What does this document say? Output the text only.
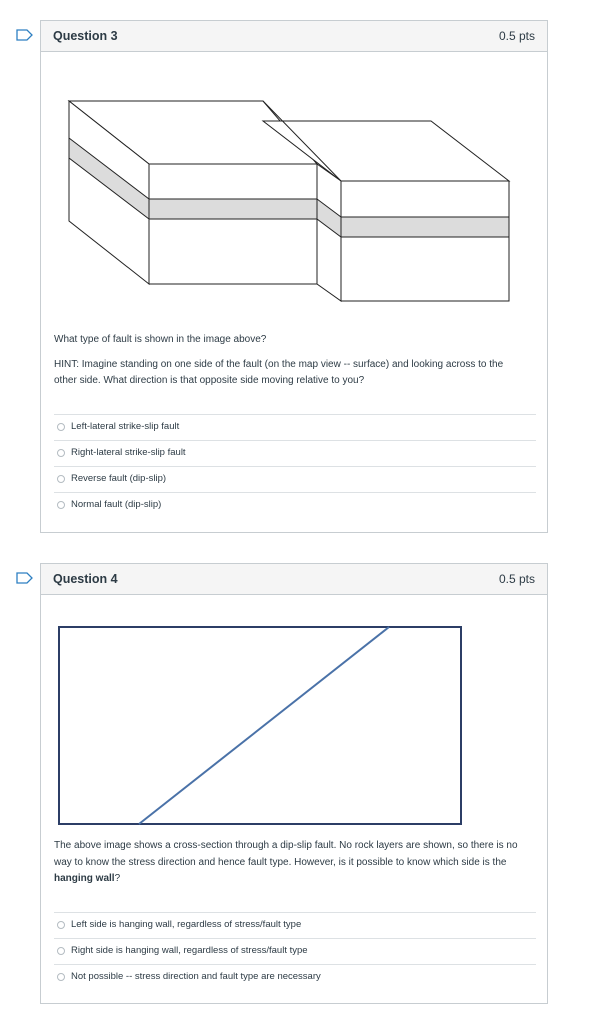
Question 3	0.5 pts

What type of fault is shown in the image above?

HINT: Imagine standing on one side of the fault (on the map view -- surface) and looking across to the other side. What direction is that opposite side moving relative to you?

Left-lateral strike-slip fault
Right-lateral strike-slip fault
Reverse fault (dip-slip)
Normal fault (dip-slip)
Question 4	0.5 pts

The above image shows a cross-section through a dip-slip fault. No rock layers are shown, so there is no way to know the stress direction and hence fault type. However, is it possible to know which side is the hanging wall?

Left side is hanging wall, regardless of stress/fault type
Right side is hanging wall, regardless of stress/fault type
Not possible -- stress direction and fault type are necessary
